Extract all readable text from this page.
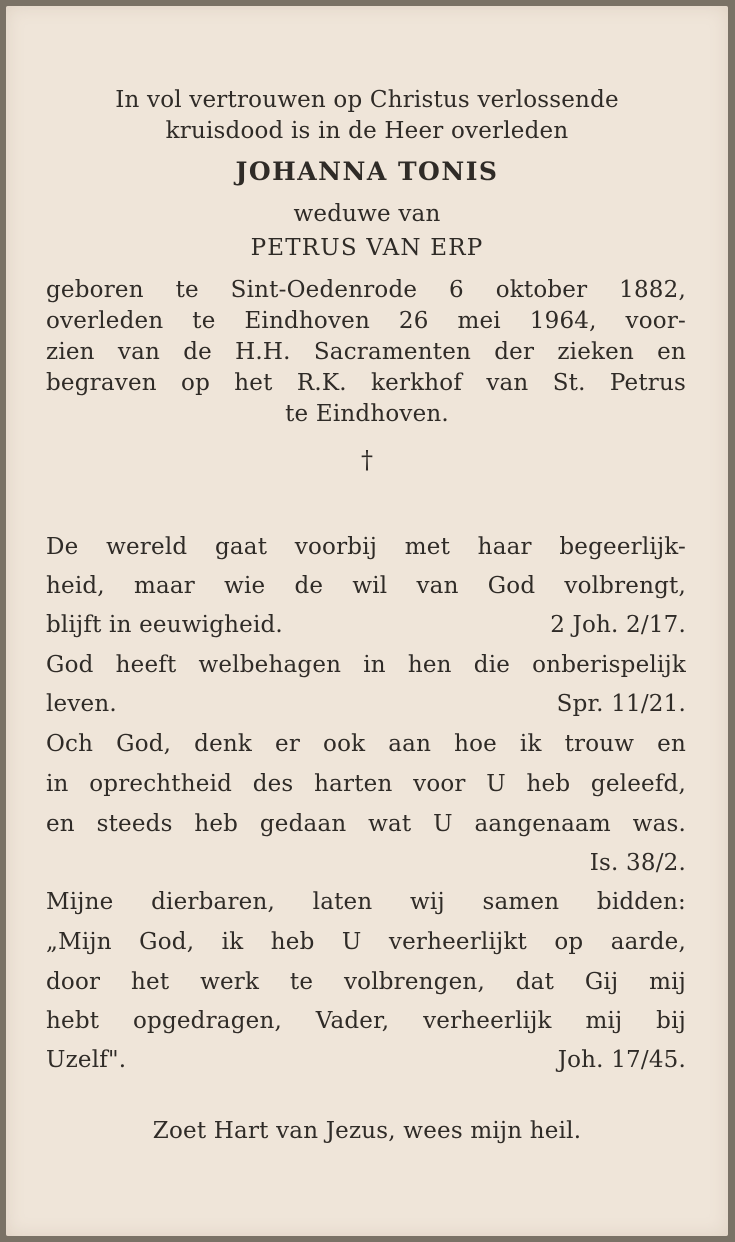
In vol vertrouwen op Christus verlossende
kruisdood is in de Heer overleden
JOHANNA TONIS
weduwe van
PETRUS VAN ERP
geboren te Sint-Oedenrode 6 oktober 1882,
overleden te Eindhoven 26 mei 1964, voor-
zien van de H.H. Sacramenten der zieken en
begraven op het R.K. kerkhof van St. Petrus
te Eindhoven.
†
De wereld gaat voorbij met haar begeerlijk-
heid, maar wie de wil van God volbrengt,
blijft in eeuwigheid.	2 Joh. 2/17.
God heeft welbehagen in hen die onberispelijk
leven.	Spr. 11/21.
Och God, denk er ook aan hoe ik trouw en
in oprechtheid des harten voor U heb geleefd,
en steeds heb gedaan wat U aangenaam was.
Is. 38/2.
Mijne dierbaren, laten wij samen bidden:
„Mijn God, ik heb U verheerlijkt op aarde,
door het werk te volbrengen, dat Gij mij
hebt opgedragen, Vader, verheerlijk mij bij
Uzelf".	Joh. 17/45.
Zoet Hart van Jezus, wees mijn heil.
